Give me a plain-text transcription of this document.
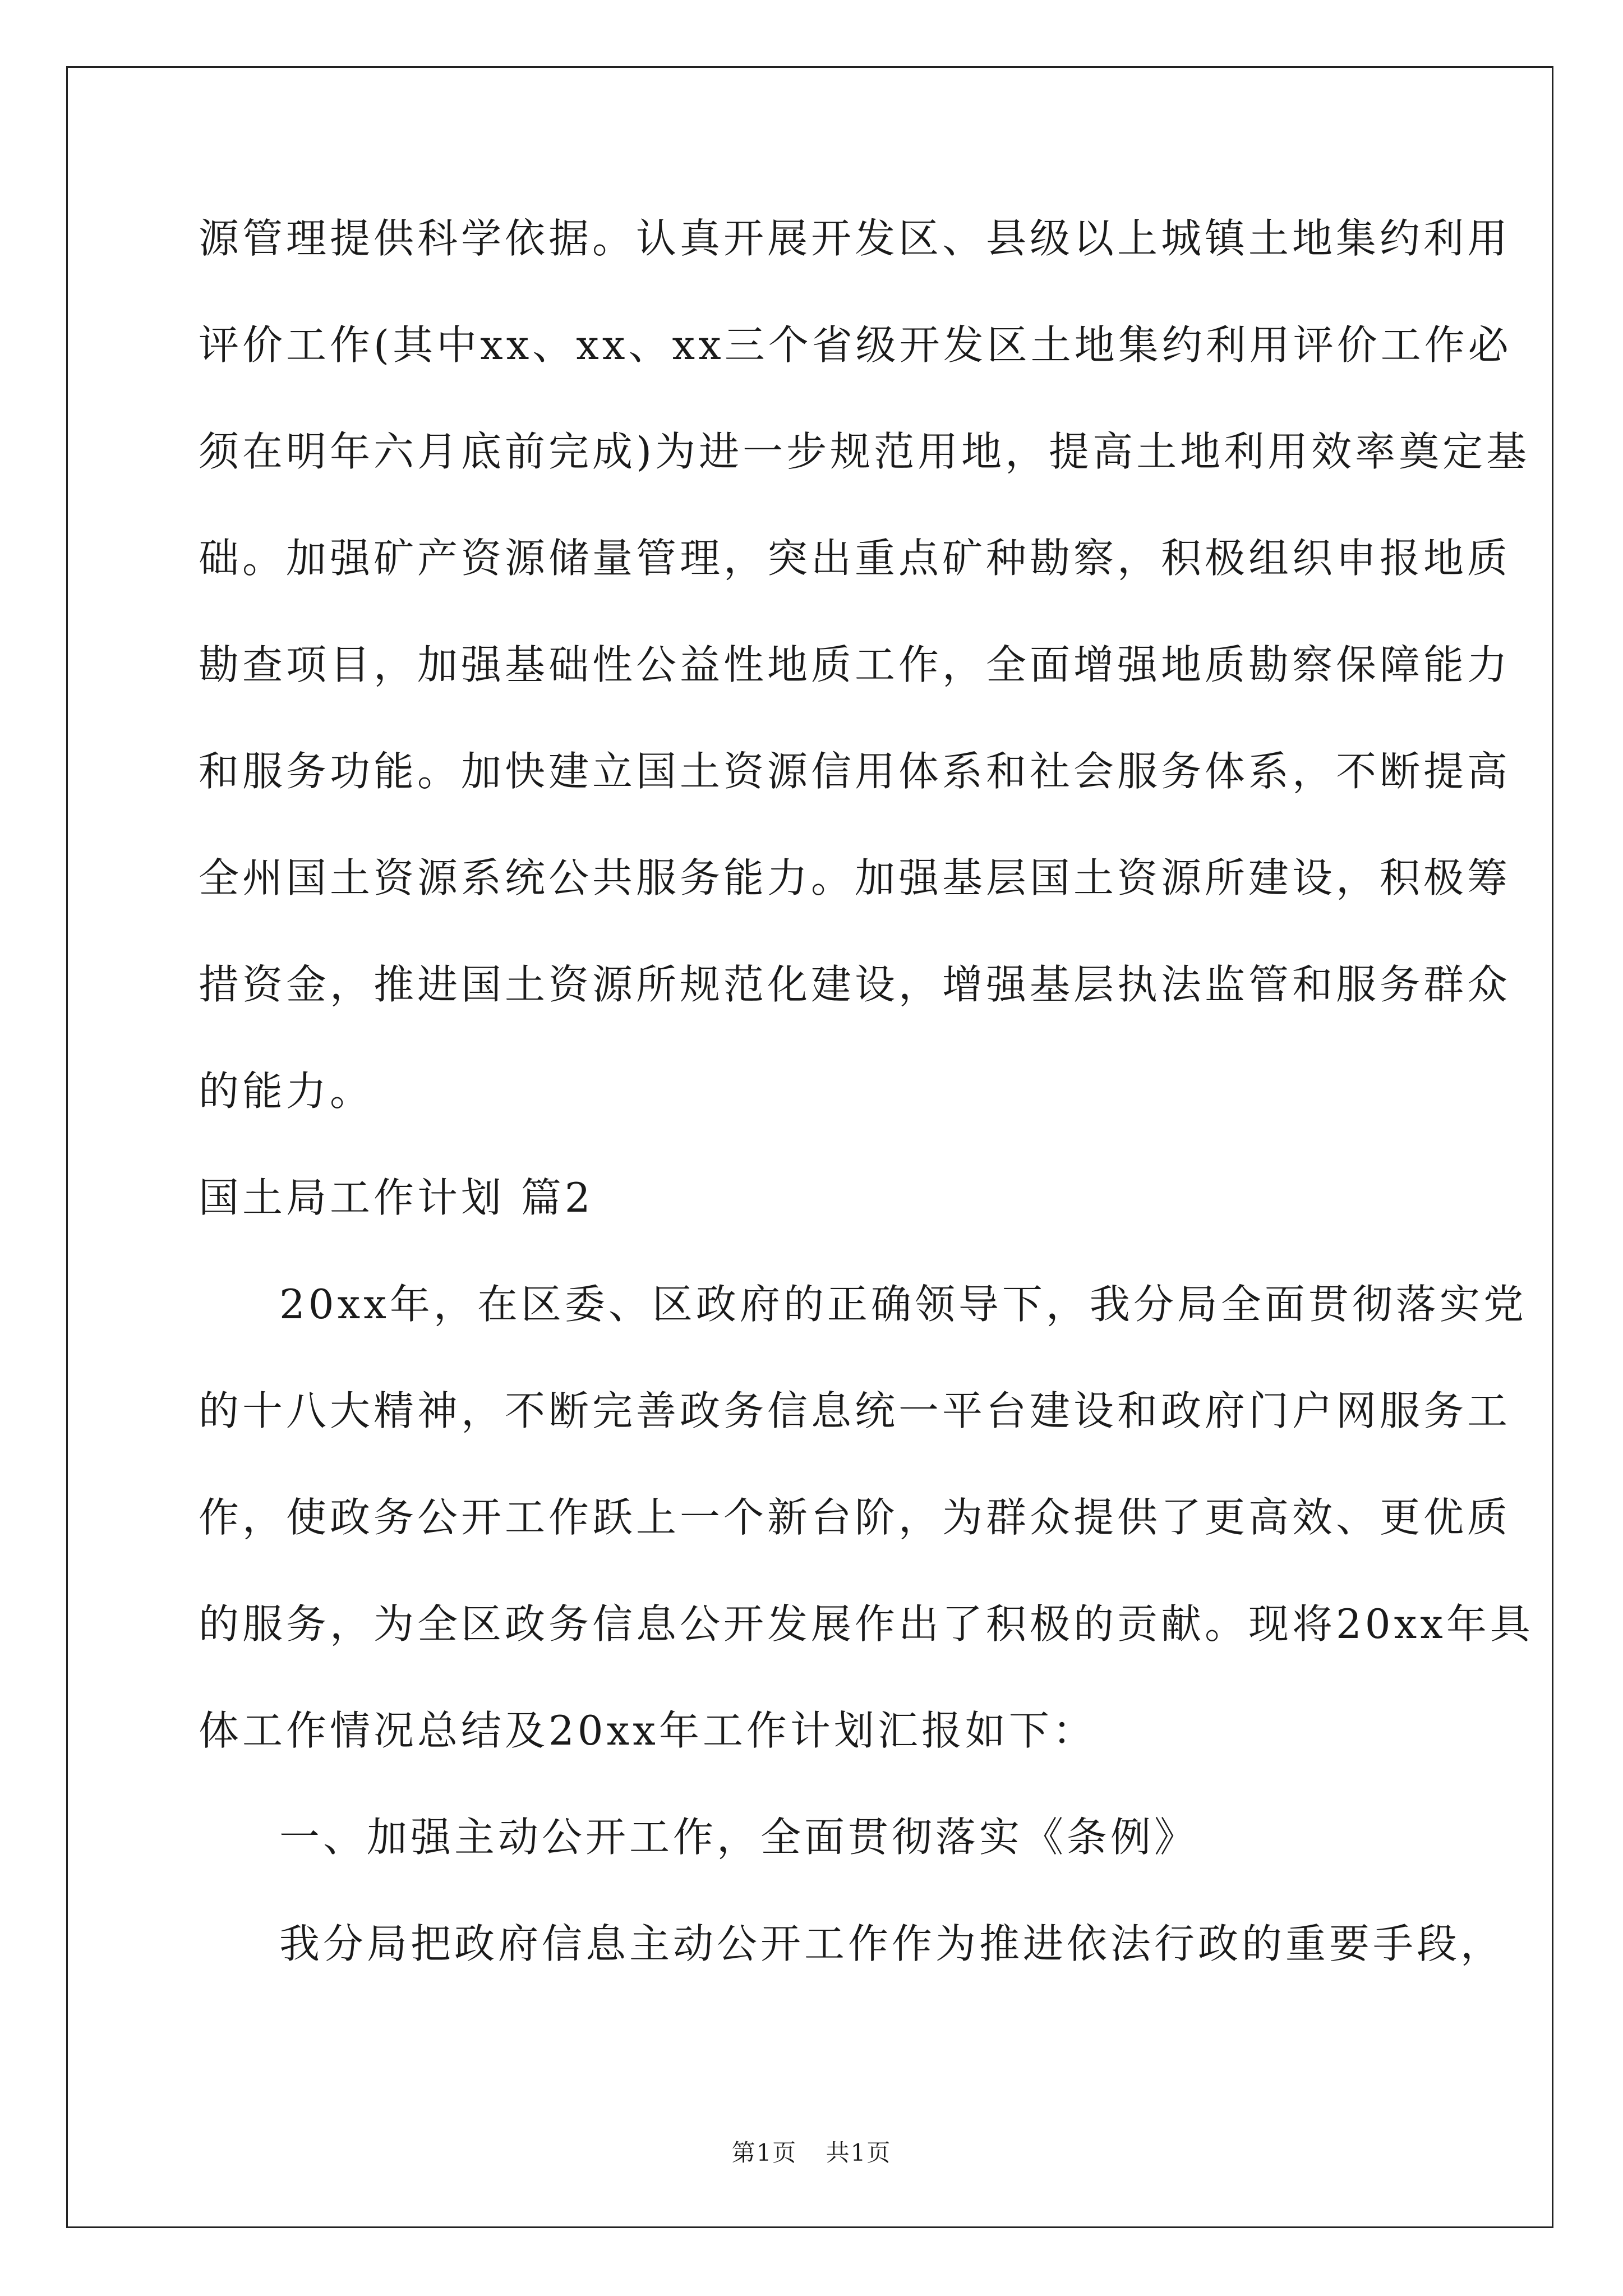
源管理提供科学依据。认真开展开发区、县级以上城镇土地集约利用
评价工作(其中xx、xx、xx三个省级开发区土地集约利用评价工作必
须在明年六月底前完成)为进一步规范用地，提高土地利用效率奠定基
础。加强矿产资源储量管理，突出重点矿种勘察，积极组织申报地质
勘查项目，加强基础性公益性地质工作，全面增强地质勘察保障能力
和服务功能。加快建立国土资源信用体系和社会服务体系，不断提高
全州国土资源系统公共服务能力。加强基层国土资源所建设，积极筹
措资金，推进国土资源所规范化建设，增强基层执法监管和服务群众
的能力。
国土局工作计划 篇2
20xx年，在区委、区政府的正确领导下，我分局全面贯彻落实党
的十八大精神，不断完善政务信息统一平台建设和政府门户网服务工
作，使政务公开工作跃上一个新台阶，为群众提供了更高效、更优质
的服务，为全区政务信息公开发展作出了积极的贡献。现将20xx年具
体工作情况总结及20xx年工作计划汇报如下：
一、加强主动公开工作，全面贯彻落实《条例》
我分局把政府信息主动公开工作作为推进依法行政的重要手段，
第1页 共1页
